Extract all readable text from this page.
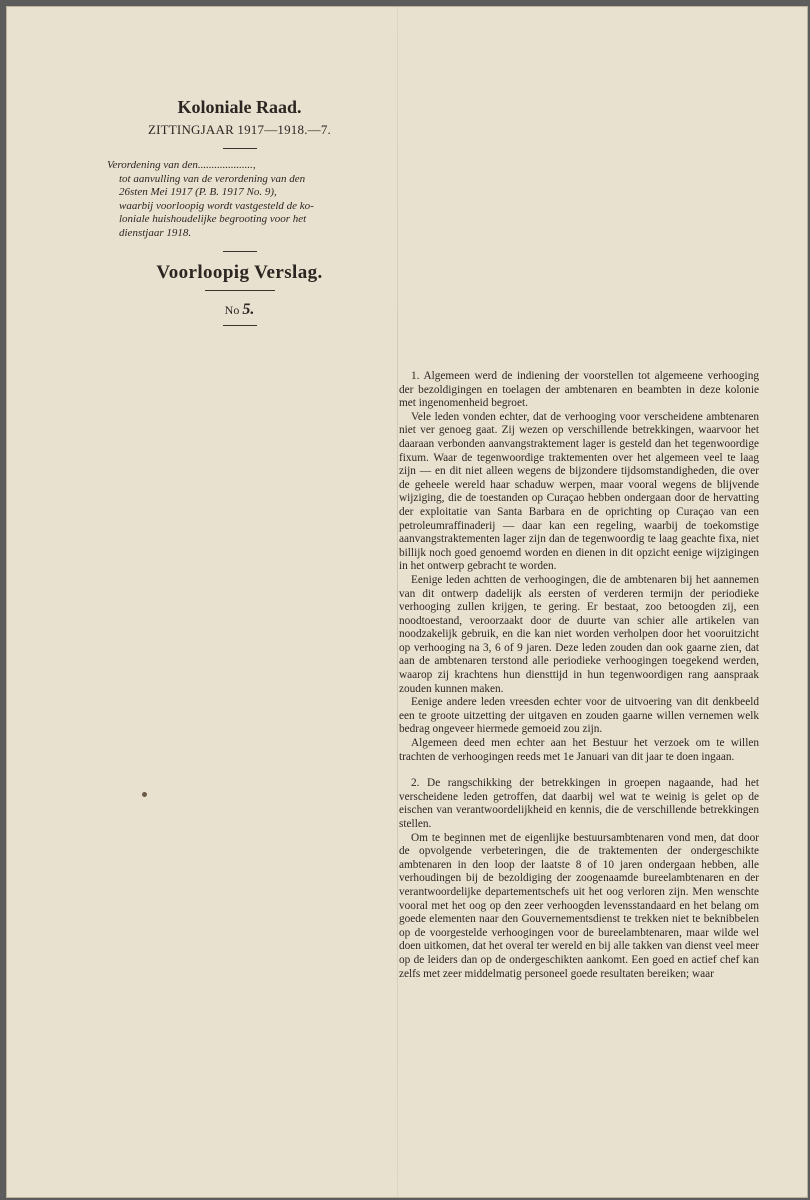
Koloniale Raad.
ZITTINGJAAR 1917—1918.—7.
Verordening van den....................,
tot aanvulling van de verordening van den
26sten Mei 1917 (P. B. 1917 No. 9),
waarbij voorloopig wordt vastgesteld de ko-
loniale huishoudelijke begrooting voor het
dienstjaar 1918.
Voorloopig Verslag.
No 5.

1. Algemeen werd de indiening der voorstellen tot algemeene verhooging der bezoldigingen en toelagen der ambtenaren en beambten in deze kolonie met ingenomenheid begroet.

Vele leden vonden echter, dat de verhooging voor verscheidene ambtenaren niet ver genoeg gaat. Zij wezen op verschillende betrekkingen, waarvoor het daaraan verbonden aanvangstraktement lager is gesteld dan het tegenwoordige fixum. Waar de tegenwoordige traktementen over het algemeen veel te laag zijn — en dit niet alleen wegens de bijzondere tijdsomstandigheden, die over de geheele wereld haar schaduw werpen, maar vooral wegens de blijvende wijziging, die de toestanden op Curaçao hebben ondergaan door de hervatting der exploitatie van Santa Barbara en de oprichting op Curaçao van een petroleumraffinaderij — daar kan een regeling, waarbij de toekomstige aanvangstraktementen lager zijn dan de tegenwoordig te laag geachte fixa, niet billijk noch goed genoemd worden en dienen in dit opzicht eenige wijzigingen in het ontwerp gebracht te worden.

Eenige leden achtten de verhoogingen, die de ambtenaren bij het aannemen van dit ontwerp dadelijk als eersten of verderen termijn der periodieke verhooging zullen krijgen, te gering. Er bestaat, zoo betoogden zij, een noodtoestand, veroorzaakt door de duurte van schier alle artikelen van noodzakelijk gebruik, en die kan niet worden verholpen door het vooruitzicht op verhooging na 3, 6 of 9 jaren. Deze leden zouden dan ook gaarne zien, dat aan de ambtenaren terstond alle periodieke verhoogingen toegekend werden, waarop zij krachtens hun diensttijd in hun tegenwoordigen rang aanspraak zouden kunnen maken.

Eenige andere leden vreesden echter voor de uitvoering van dit denkbeeld een te groote uitzetting der uitgaven en zouden gaarne willen vernemen welk bedrag ongeveer hiermede gemoeid zou zijn.

Algemeen deed men echter aan het Bestuur het verzoek om te willen trachten de verhoogingen reeds met 1e Januari van dit jaar te doen ingaan.

2. De rangschikking der betrekkingen in groepen nagaande, had het verscheidene leden getroffen, dat daarbij wel wat te weinig is gelet op de eischen van verantwoordelijkheid en kennis, die de verschillende betrekkingen stellen.

Om te beginnen met de eigenlijke bestuursambtenaren vond men, dat door de opvolgende verbeteringen, die de traktementen der ondergeschikte ambtenaren in den loop der laatste 8 of 10 jaren ondergaan hebben, alle verhoudingen bij de bezoldiging der zoogenaamde bureelambtenaren en der verantwoordelijke departementschefs uit het oog verloren zijn. Men wenschte vooral met het oog op den zeer verhoogden levensstandaard en het belang om goede elementen naar den Gouvernementsdienst te trekken niet te beknibbelen op de voorgestelde verhoogingen voor de bureelambtenaren, maar wilde wel doen uitkomen, dat het overal ter wereld en bij alle takken van dienst veel meer op de leiders dan op de ondergeschikten aankomt. Een goed en actief chef kan zelfs met zeer middelmatig personeel goede resultaten bereiken; waar
